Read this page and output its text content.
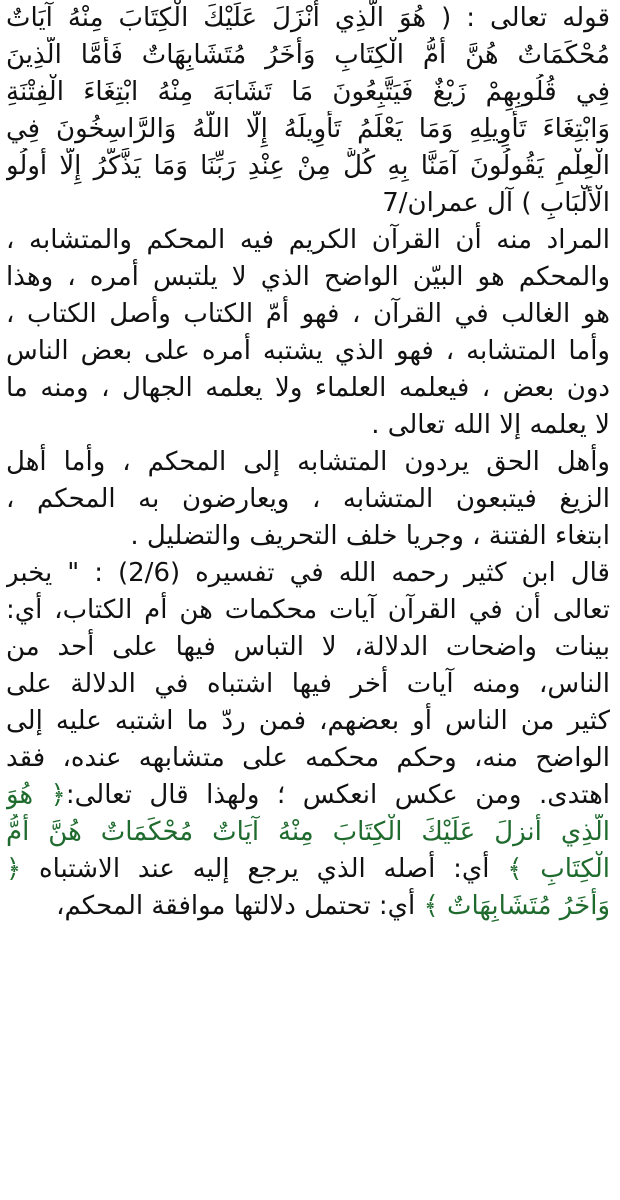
قوله تعالى : ( هُوَ الَّذِي أَنْزَلَ عَلَيْكَ الْكِتَابَ مِنْهُ آيَاتٌ
مُحْكَمَاتٌ هُنَّ أُمُّ الْكِتَابِ وَأُخَرُ مُتَشَابِهَاتٌ فَأَمَّا الَّذِينَ
فِي قُلُوبِهِمْ زَيْغٌ فَيَتَّبِعُونَ مَا تَشَابَهَ مِنْهُ ابْتِغَاءَ الْفِتْنَةِ
وَابْتِغَاءَ تَأْوِيلِهِ وَمَا يَعْلَمُ تَأْوِيلَهُ إِلَّا اللَّهُ وَالرَّاسِخُونَ فِي
الْعِلْمِ يَقُولُونَ آمَنَّا بِهِ كُلٌّ مِنْ عِنْدِ رَبِّنَا وَمَا يَذَّكَّرُ إِلَّا أُولُو
الْأَلْبَابِ ) آل عمران/7
المراد منه أن القرآن الكريم فيه المحكم والمتشابه ،
والمحكم هو البيّن الواضح الذي لا يلتبس أمره ، وهذا
هو الغالب في القرآن ، فهو أمّ الكتاب وأصل الكتاب ،
وأما المتشابه ، فهو الذي يشتبه أمره على بعض الناس
دون بعض ، فيعلمه العلماء ولا يعلمه الجهال ، ومنه ما
لا يعلمه إلا الله تعالى .
وأهل الحق يردون المتشابه إلى المحكم ، وأما أهل
الزيغ فيتبعون المتشابه ، ويعارضون به المحكم ،
ابتغاء الفتنة ، وجريا خلف التحريف والتضليل .
قال ابن كثير رحمه الله في تفسيره (2/6) : " يخبر
تعالى أن في القرآن آيات محكمات هن أم الكتاب، أي:
بينات واضحات الدلالة، لا التباس فيها على أحد من
الناس، ومنه آيات أخر فيها اشتباه في الدلالة على
كثير من الناس أو بعضهم، فمن ردّ ما اشتبه عليه إلى
الواضح منه، وحكم محكمه على متشابهه عنده، فقد
اهتدى. ومن عكس انعكس ؛ ولهذا قال تعالى:﴿ هُوَ
الَّذِي أَنزلَ عَلَيْكَ الْكِتَابَ مِنْهُ آيَاتٌ مُحْكَمَاتٌ هُنَّ أُمُّ
الْكِتَابِ ﴾ أي: أصله الذي يرجع إليه عند الاشتباه ﴿
وَأُخَرُ مُتَشَابِهَاتٌ ﴾ أي: تحتمل دلالتها موافقة المحكم،
